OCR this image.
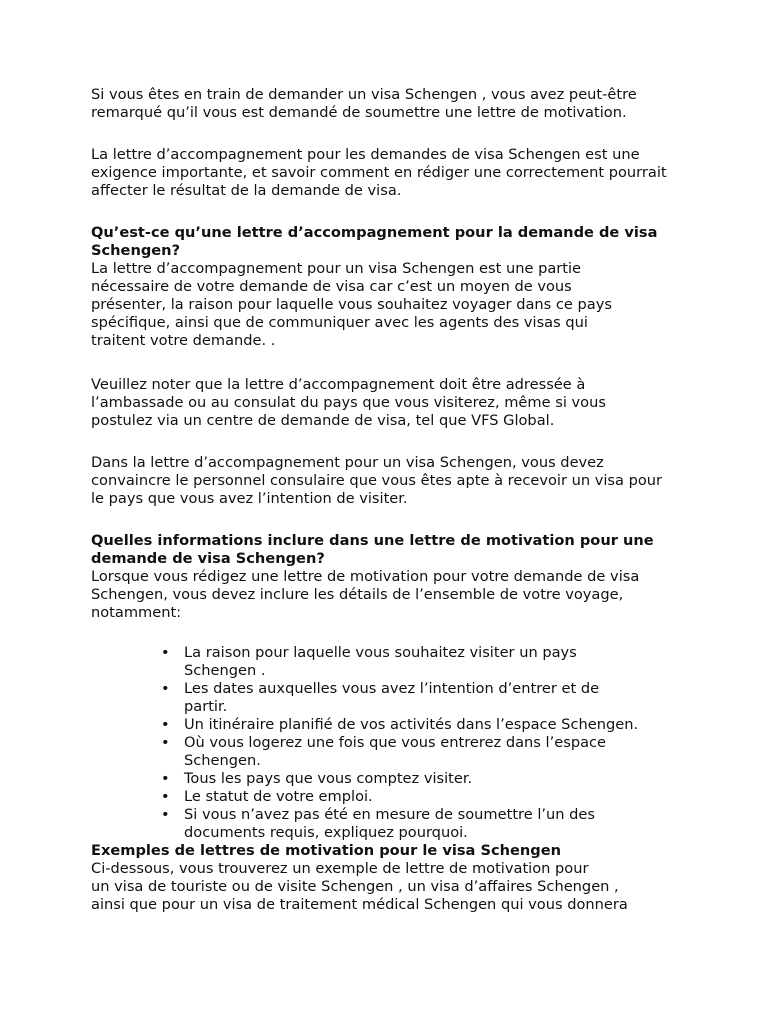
Si vous êtes en train de demander un visa Schengen , vous avez peut-être remarqué qu’il vous est demandé de soumettre une lettre de motivation.

La lettre d’accompagnement pour les demandes de visa Schengen est une exigence importante, et savoir comment en rédiger une correctement pourrait affecter le résultat de la demande de visa.

Qu’est-ce qu’une lettre d’accompagnement pour la demande de visa Schengen?

La lettre d’accompagnement pour un visa Schengen est une partie nécessaire de votre demande de visa car c’est un moyen de vous présenter, la raison pour laquelle vous souhaitez voyager dans ce pays spécifique, ainsi que de communiquer avec les agents des visas qui traitent votre demande. .

Veuillez noter que la lettre d’accompagnement doit être adressée à l’ambassade ou au consulat du pays que vous visiterez, même si vous postulez via un centre de demande de visa, tel que VFS Global.

Dans la lettre d’accompagnement pour un visa Schengen, vous devez convaincre le personnel consulaire que vous êtes apte à recevoir un visa pour le pays que vous avez l’intention de visiter.

Quelles informations inclure dans une lettre de motivation pour une demande de visa Schengen?

Lorsque vous rédigez une lettre de motivation pour votre demande de visa Schengen, vous devez inclure les détails de l’ensemble de votre voyage, notamment:

• La raison pour laquelle vous souhaitez visiter un pays Schengen .
• Les dates auxquelles vous avez l’intention d’entrer et de partir.
• Un itinéraire planifié de vos activités dans l’espace Schengen.
• Où vous logerez une fois que vous entrerez dans l’espace Schengen.
• Tous les pays que vous comptez visiter.
• Le statut de votre emploi.
• Si vous n’avez pas été en mesure de soumettre l’un des documents requis, expliquez pourquoi.

Exemples de lettres de motivation pour le visa Schengen

Ci-dessous, vous trouverez un exemple de lettre de motivation pour

un visa de touriste ou de visite Schengen , un visa d’affaires Schengen ,

ainsi que pour un visa de traitement médical Schengen qui vous donnera
